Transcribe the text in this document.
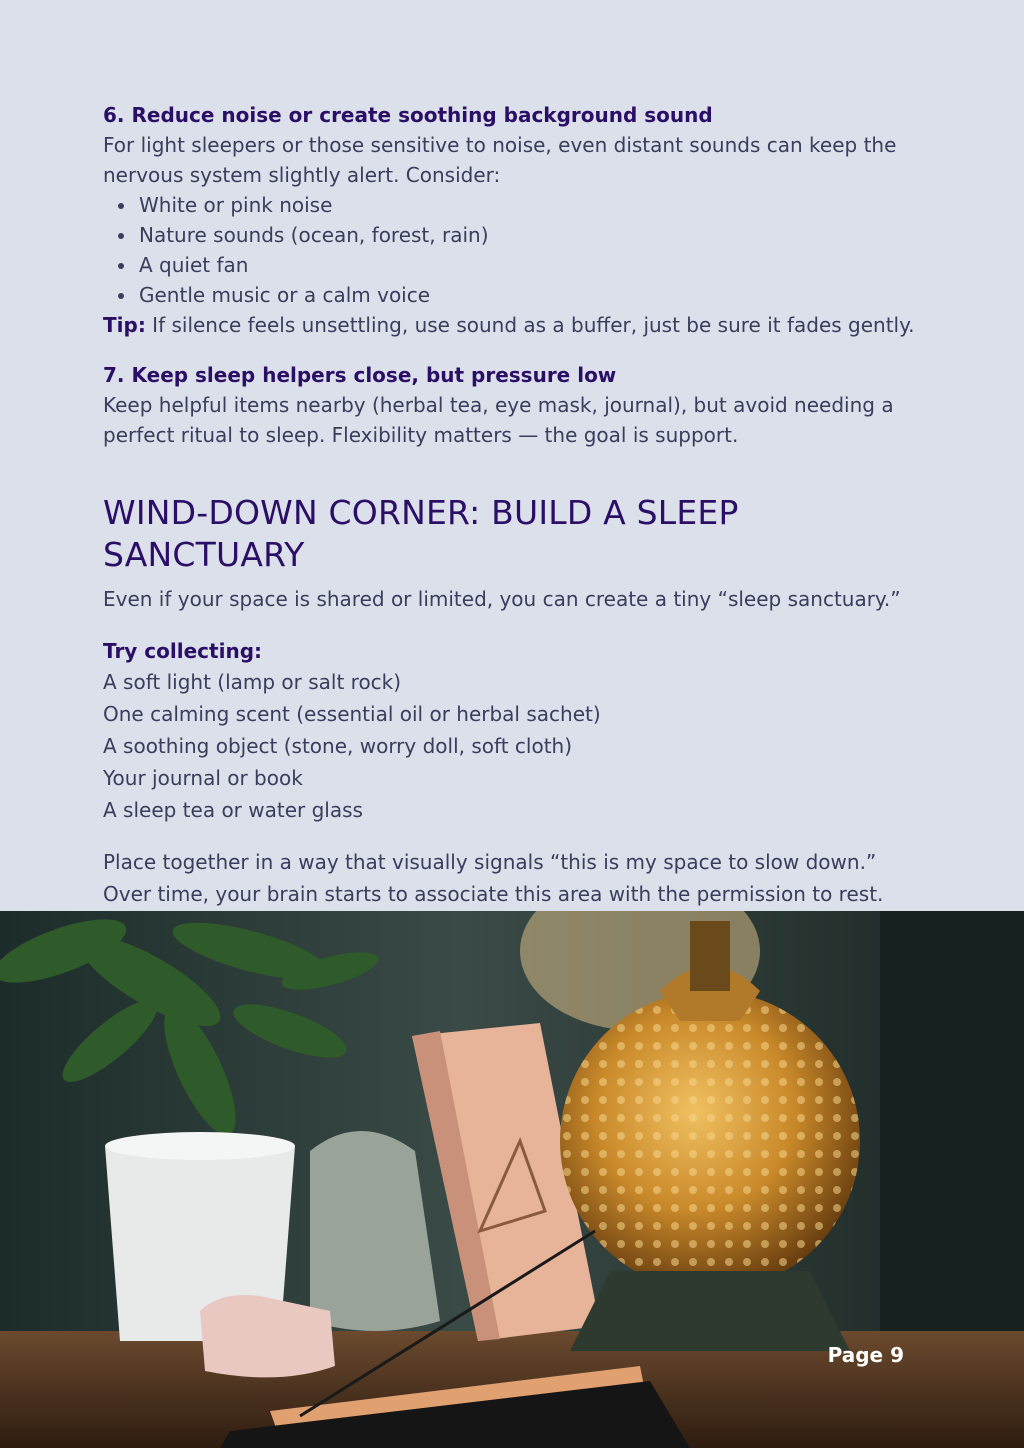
6. Reduce noise or create soothing background sound

For light sleepers or those sensitive to noise, even distant sounds can keep the

nervous system slightly alert. Consider:

• White or pink noise
• Nature sounds (ocean, forest, rain)
• A quiet fan
• Gentle music or a calm voice

Tip: If silence feels unsettling, use sound as a buffer, just be sure it fades gently.

7. Keep sleep helpers close, but pressure low

Keep helpful items nearby (herbal tea, eye mask, journal), but avoid needing a

perfect ritual to sleep. Flexibility matters — the goal is support.

WIND-DOWN CORNER: BUILD A SLEEP SANCTUARY

Even if your space is shared or limited, you can create a tiny “sleep sanctuary.”

Try collecting:

A soft light (lamp or salt rock)

One calming scent (essential oil or herbal sachet)

A soothing object (stone, worry doll, soft cloth)

Your journal or book

A sleep tea or water glass

Place together in a way that visually signals “this is my space to slow down.”

Over time, your brain starts to associate this area with the permission to rest.

Page 9
